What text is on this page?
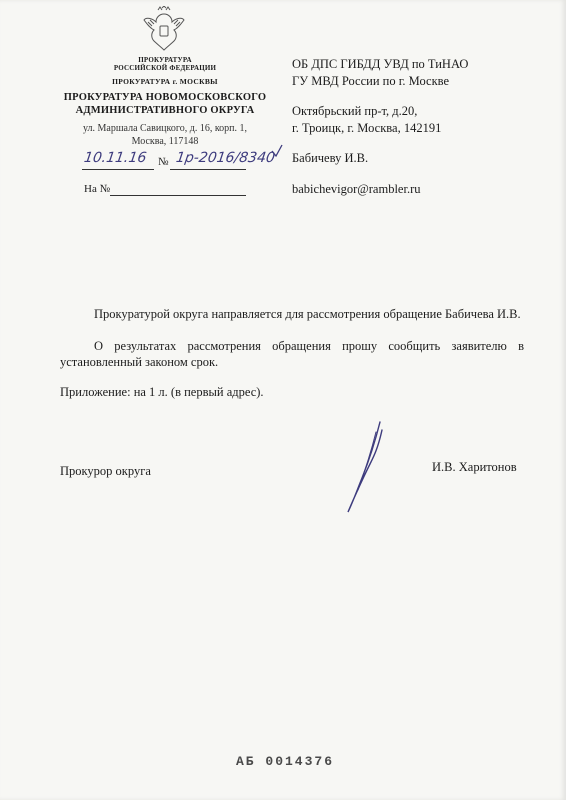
ПРОКУРАТУРА
РОССИЙСКОЙ ФЕДЕРАЦИИ
ПРОКУРАТУРА г. МОСКВЫ
ПРОКУРАТУРА НОВОМОСКОВСКОГО
АДМИНИСТРАТИВНОГО ОКРУГА
ул. Маршала Савицкого, д. 16, корп. 1,
Москва, 117148
10.11.16 № 1р-2016/8340
На №
ОБ ДПС ГИБДД УВД по ТиНАО
ГУ МВД России по г. Москве
Октябрьский пр-т, д.20,
г. Троицк, г. Москва, 142191
Бабичеву И.В.
babichevigor@rambler.ru
Прокуратурой округа направляется для рассмотрения обращение Бабичева И.В.
О результатах рассмотрения обращения прошу сообщить заявителю в установленный законом срок.
Приложение: на 1 л. (в первый адрес).
Прокурор округа	И.В. Харитонов
АБ 0014376
